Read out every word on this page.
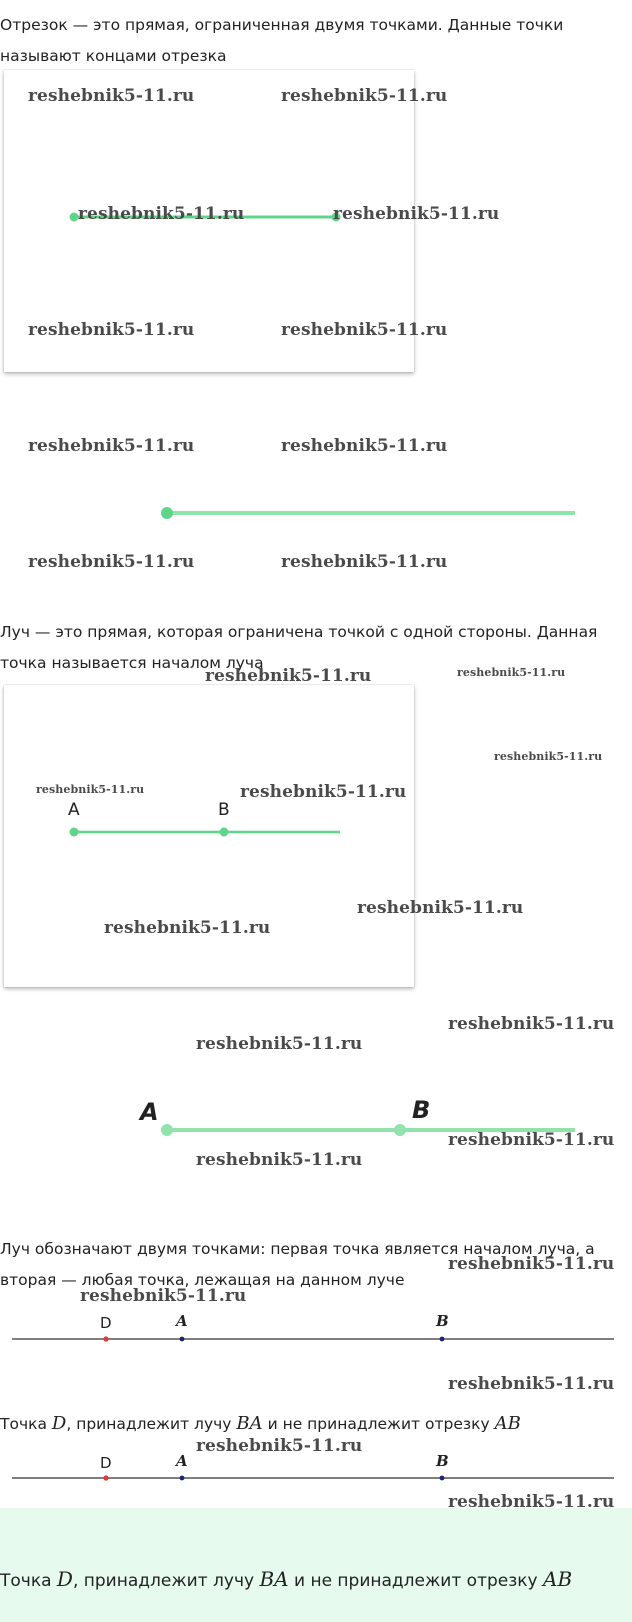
Отрезок — это прямая, ограниченная двумя точками. Данные точки называют концами отрезка
Луч — это прямая, которая ограничена точкой с одной стороны. Данная точка называется началом луча
A	B
A	B
Луч обозначают двумя точками: первая точка является началом луча, а вторая — любая точка, лежащая на данном луче
D	A	B
Точка D, принадлежит лучу BA и не принадлежит отрезку AB
D	A	B
Точка D, принадлежит лучу BA и не принадлежит отрезку AB
reshebnik5-11.ru	reshebnik5-11.ru
reshebnik5-11.ru	reshebnik5-11.ru
reshebnik5-11.ru	reshebnik5-11.ru
reshebnik5-11.ru	reshebnik5-11.ru
reshebnik5-11.ru	reshebnik5-11.ru
reshebnik5-11.ru	reshebnik5-11.ru
reshebnik5-11.ru
reshebnik5-11.ru	reshebnik5-11.ru
reshebnik5-11.ru
reshebnik5-11.ru
reshebnik5-11.ru
reshebnik5-11.ru
reshebnik5-11.ru
reshebnik5-11.ru
reshebnik5-11.ru
reshebnik5-11.ru
reshebnik5-11.ru
reshebnik5-11.ru
reshebnik5-11.ru
